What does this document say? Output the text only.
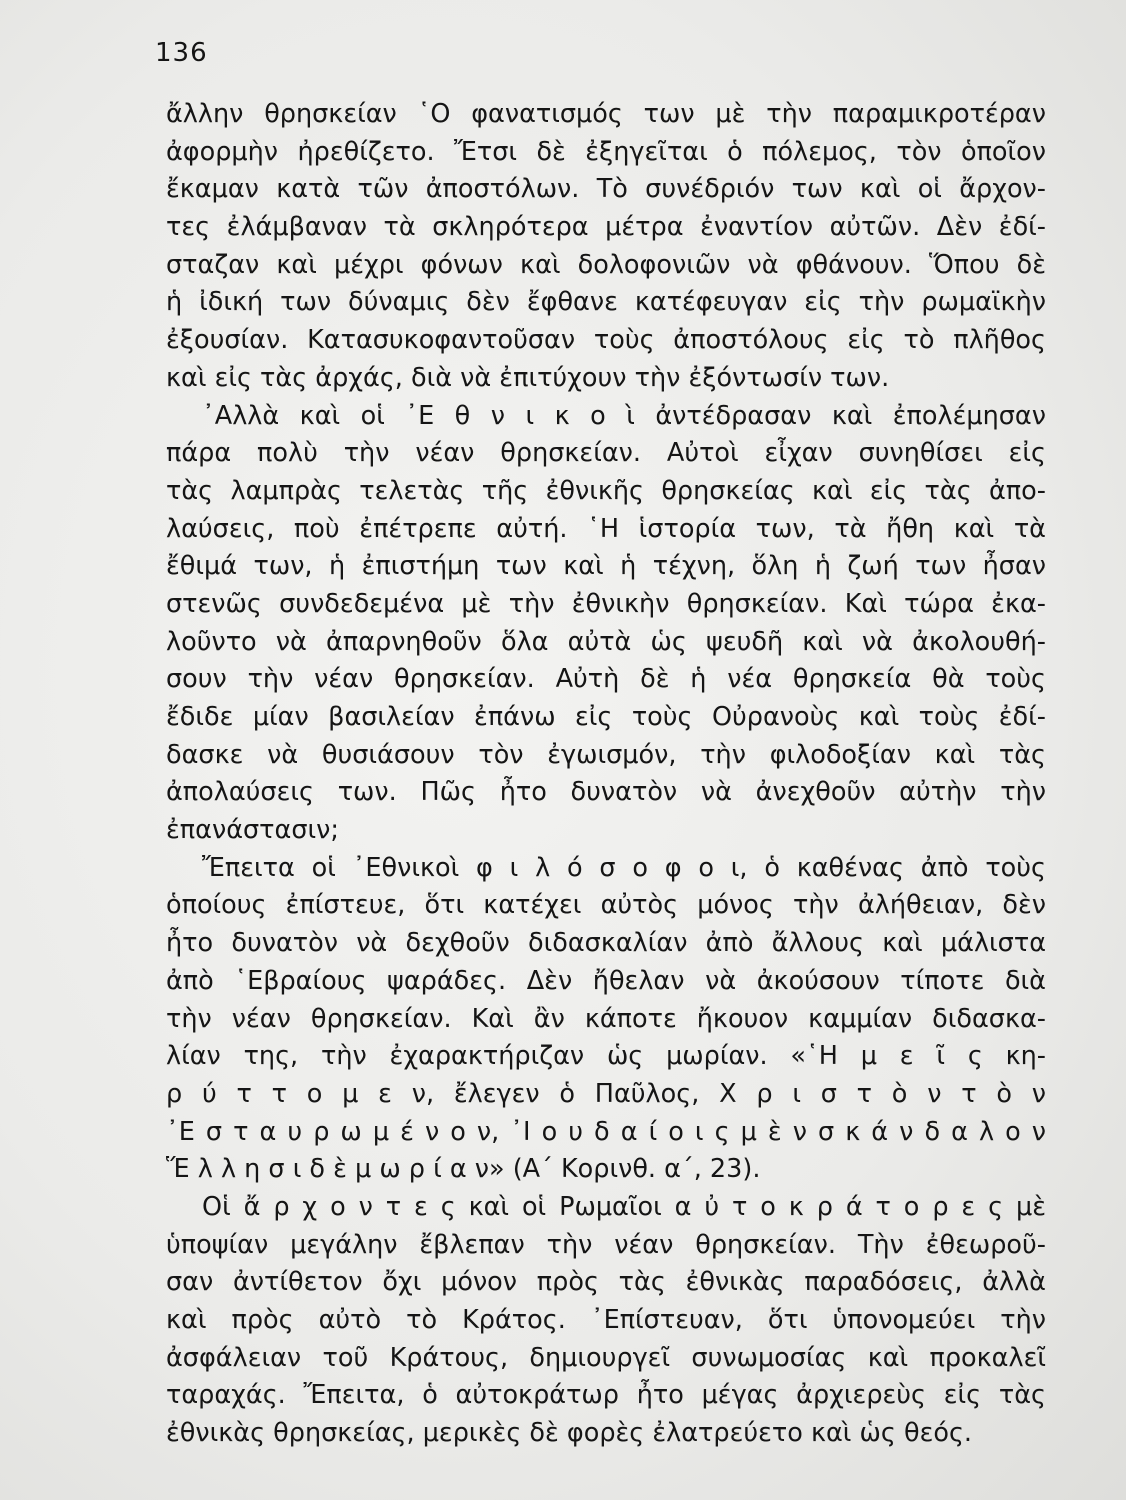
136
ἄλλην θρησκείαν ῾Ο φανατισμός των μὲ τὴν παραμικροτέραν
ἀφορμὴν ἠρεθίζετο. Ἔτσι δὲ ἐξηγεῖται ὁ πόλεμος, τὸν ὁποῖον
ἔκαμαν κατὰ τῶν ἀποστόλων. Τὸ συνέδριόν των καὶ οἱ ἄρχον-
τες ἐλάμβαναν τὰ σκληρότερα μέτρα ἐναντίον αὐτῶν. Δὲν ἐδί-
σταζαν καὶ μέχρι φόνων καὶ δολοφονιῶν νὰ φθάνουν. Ὅπου δὲ
ἡ ἰδική των δύναμις δὲν ἔφθανε κατέφευγαν εἰς τὴν ρωμαϊκὴν
ἐξουσίαν. Κατασυκοφαντοῦσαν τοὺς ἀποστόλους εἰς τὸ πλῆθος
καὶ εἰς τὰς ἀρχάς, διὰ νὰ ἐπιτύχουν τὴν ἐξόντωσίν των.
᾿Αλλὰ καὶ οἱ ᾿Ε θ ν ι κ ο ὶ ἀντέδρασαν καὶ ἐπολέμησαν
πάρα πολὺ τὴν νέαν θρησκείαν. Αὐτοὶ εἶχαν συνηθίσει εἰς
τὰς λαμπρὰς τελετὰς τῆς ἐθνικῆς θρησκείας καὶ εἰς τὰς ἀπο-
λαύσεις, ποὺ ἐπέτρεπε αὐτή. ῾Η ἱστορία των, τὰ ἤθη καὶ τὰ
ἔθιμά των, ἡ ἐπιστήμη των καὶ ἡ τέχνη, ὅλη ἡ ζωή των ἦσαν
στενῶς συνδεδεμένα μὲ τὴν ἐθνικὴν θρησκείαν. Καὶ τώρα ἐκα-
λοῦντο νὰ ἀπαρνηθοῦν ὅλα αὐτὰ ὡς ψευδῆ καὶ νὰ ἀκολουθή-
σουν τὴν νέαν θρησκείαν. Αὐτὴ δὲ ἡ νέα θρησκεία θὰ τοὺς
ἔδιδε μίαν βασιλείαν ἐπάνω εἰς τοὺς Οὐρανοὺς καὶ τοὺς ἐδί-
δασκε νὰ θυσιάσουν τὸν ἐγωισμόν, τὴν φιλοδοξίαν καὶ τὰς
ἀπολαύσεις των. Πῶς ἦτο δυνατὸν νὰ ἀνεχθοῦν αὐτὴν τὴν
ἐπανάστασιν;
Ἔπειτα οἱ ᾿Εθνικοὶ φ ι λ ό σ ο φ ο ι, ὁ καθένας ἀπὸ τοὺς
ὁποίους ἐπίστευε, ὅτι κατέχει αὐτὸς μόνος τὴν ἀλήθειαν, δὲν
ἦτο δυνατὸν νὰ δεχθοῦν διδασκαλίαν ἀπὸ ἄλλους καὶ μάλιστα
ἀπὸ ῾Εβραίους ψαράδες. Δὲν ἤθελαν νὰ ἀκούσουν τίποτε διὰ
τὴν νέαν θρησκείαν. Καὶ ἂν κάποτε ἤκουον καμμίαν διδασκα-
λίαν της, τὴν ἐχαρακτήριζαν ὡς μωρίαν. «῾Η μ ε ῖ ς κη-
ρ ύ τ τ ο μ ε ν, ἔλεγεν ὁ Παῦλος, Χ ρ ι σ τ ὸ ν τ ὸ ν
᾿Ε σ τ α υ ρ ω μ έ ν ο ν, ᾿Ι ο υ δ α ί ο ι ς μ ὲ ν σ κ ά ν δ α λ ο ν
Ἕ λ λ η σ ι δ ὲ μ ω ρ ί α ν» (Α΄ Κορινθ. α΄, 23).
Οἱ ἄ ρ χ ο ν τ ε ς καὶ οἱ Ρωμαῖοι α ὐ τ ο κ ρ ά τ ο ρ ε ς μὲ
ὑποψίαν μεγάλην ἔβλεπαν τὴν νέαν θρησκείαν. Τὴν ἐθεωροῦ-
σαν ἀντίθετον ὄχι μόνον πρὸς τὰς ἐθνικὰς παραδόσεις, ἀλλὰ
καὶ πρὸς αὐτὸ τὸ Κράτος. ᾿Επίστευαν, ὅτι ὑπονομεύει τὴν
ἀσφάλειαν τοῦ Κράτους, δημιουργεῖ συνωμοσίας καὶ προκαλεῖ
ταραχάς. Ἔπειτα, ὁ αὐτοκράτωρ ἦτο μέγας ἀρχιερεὺς εἰς τὰς
ἐθνικὰς θρησκείας, μερικὲς δὲ φορὲς ἐλατρεύετο καὶ ὡς θεός.
